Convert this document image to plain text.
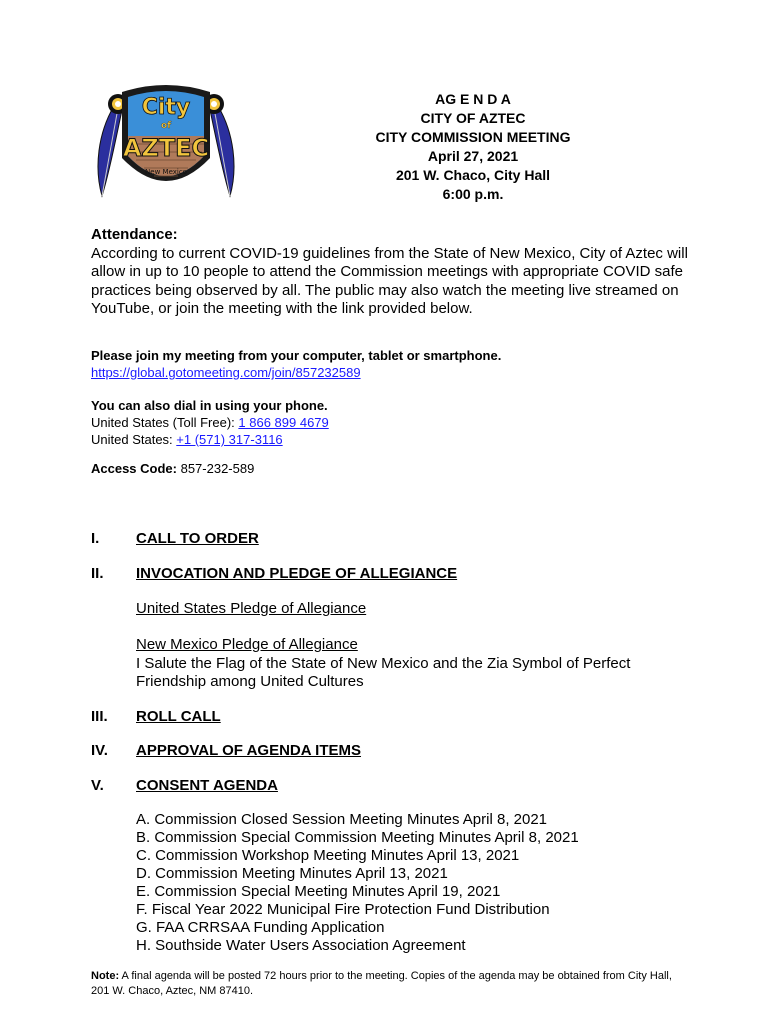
City
of
AZTEC
New Mexico
AG E N D A
CITY OF AZTEC
CITY COMMISSION MEETING
April 27, 2021
201 W. Chaco, City Hall
6:00 p.m.
Attendance:
According to current COVID-19 guidelines from the State of New Mexico, City of Aztec will allow in up to 10 people to attend the Commission meetings with appropriate COVID safe practices being observed by all. The public may also watch the meeting live streamed on YouTube, or join the meeting with the link provided below.
Please join my meeting from your computer, tablet or smartphone.
https://global.gotomeeting.com/join/857232589
You can also dial in using your phone.
United States (Toll Free): 1 866 899 4679
United States: +1 (571) 317-3116
Access Code: 857-232-589
I.	CALL TO ORDER
II.	INVOCATION AND PLEDGE OF ALLEGIANCE
United States Pledge of Allegiance
New Mexico Pledge of Allegiance
I Salute the Flag of the State of New Mexico and the Zia Symbol of Perfect Friendship among United Cultures
III.	ROLL CALL
IV.	APPROVAL OF AGENDA ITEMS
V.	CONSENT AGENDA
A. Commission Closed Session Meeting Minutes April 8, 2021
B. Commission Special Commission Meeting Minutes April 8, 2021
C. Commission Workshop Meeting Minutes April 13, 2021
D. Commission Meeting Minutes April 13, 2021
E. Commission Special Meeting Minutes April 19, 2021
F. Fiscal Year 2022 Municipal Fire Protection Fund Distribution
G. FAA CRRSAA Funding Application
H. Southside Water Users Association Agreement
Note: A final agenda will be posted 72 hours prior to the meeting. Copies of the agenda may be obtained from City Hall, 201 W. Chaco, Aztec, NM 87410.
